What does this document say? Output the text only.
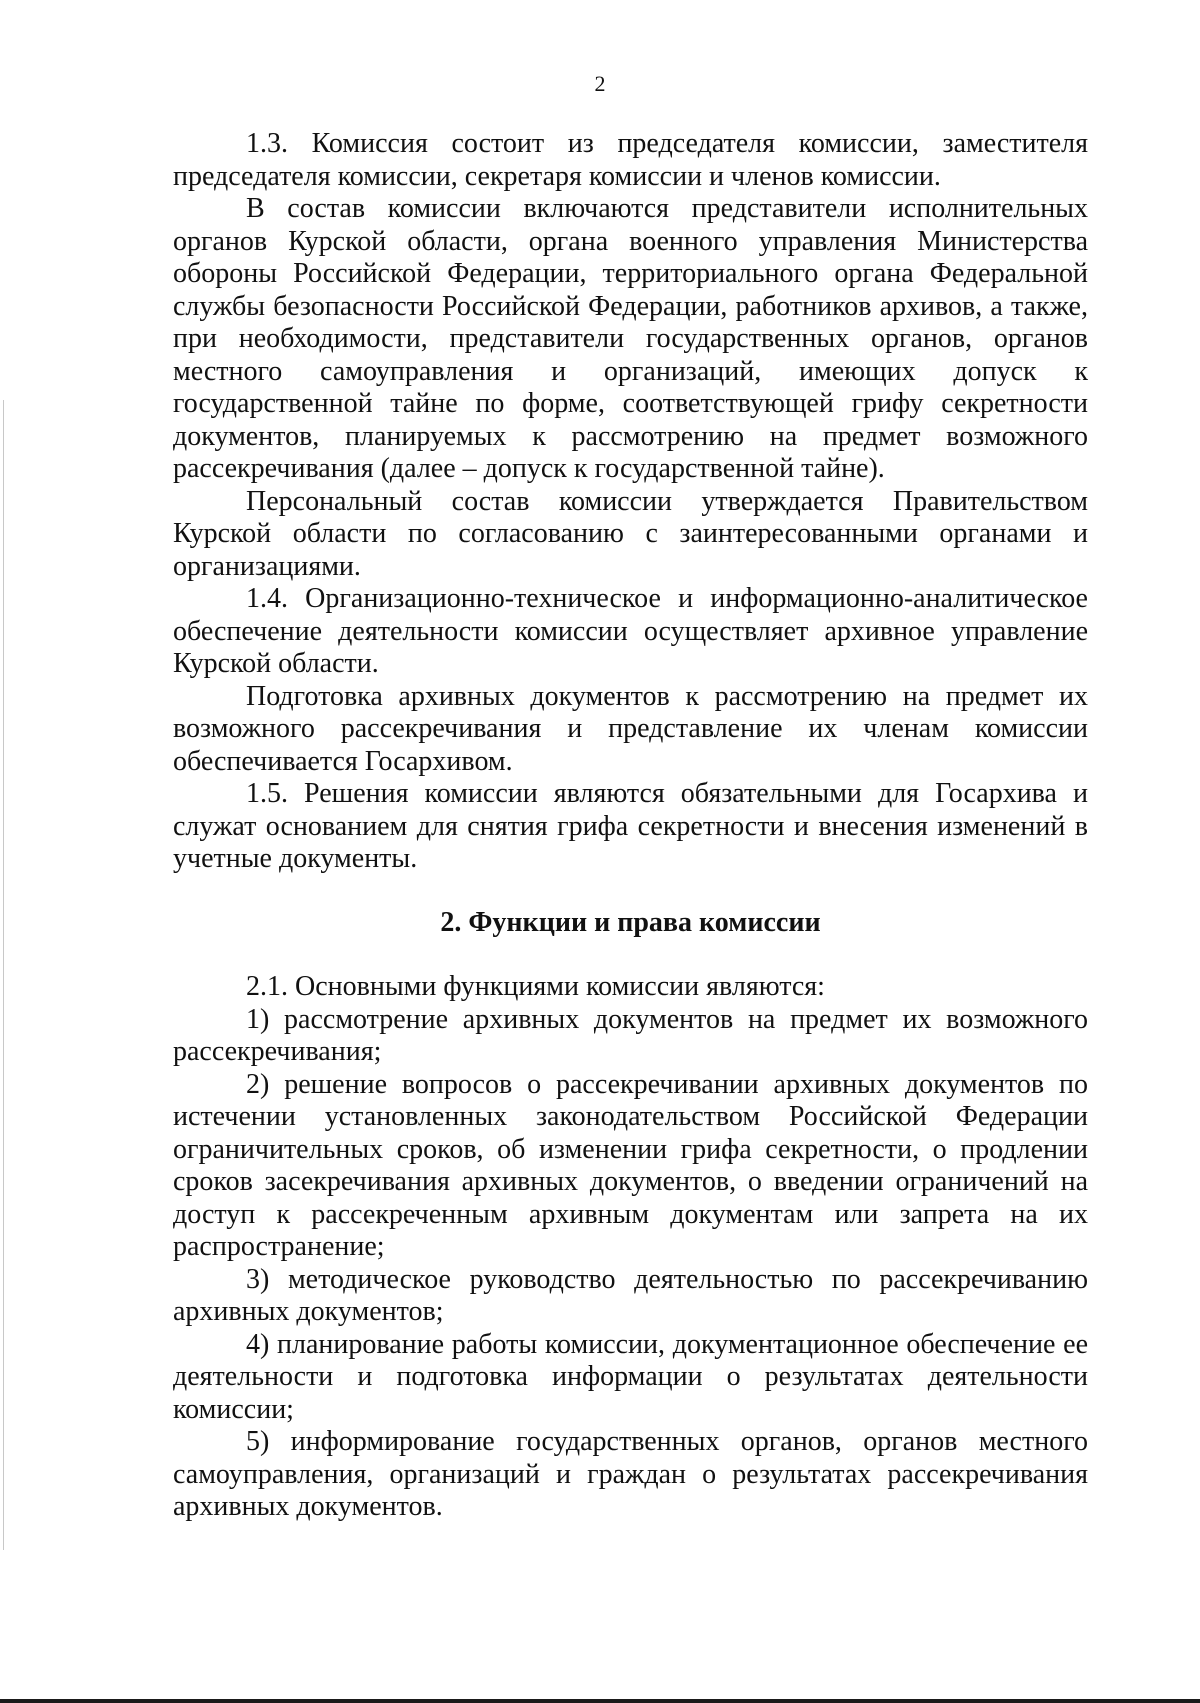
2

1.3. Комиссия состоит из председателя комиссии, заместителя председателя комиссии, секретаря комиссии и членов комиссии.

В состав комиссии включаются представители исполнительных органов Курской области, органа военного управления Министерства обороны Российской Федерации, территориального органа Федеральной службы безопасности Российской Федерации, работников архивов, а также, при необходимости, представители государственных органов, органов местного самоуправления и организаций, имеющих допуск к государственной тайне по форме, соответствующей грифу секретности документов, планируемых к рассмотрению на предмет возможного рассекречивания (далее – допуск к государственной тайне).

Персональный состав комиссии утверждается Правительством Курской области по согласованию с заинтересованными органами и организациями.

1.4. Организационно-техническое и информационно-аналитическое обеспечение деятельности комиссии осуществляет архивное управление Курской области.

Подготовка архивных документов к рассмотрению на предмет их возможного рассекречивания и представление их членам комиссии обеспечивается Госархивом.

1.5. Решения комиссии являются обязательными для Госархива и служат основанием для снятия грифа секретности и внесения изменений в учетные документы.

2. Функции и права комиссии

2.1. Основными функциями комиссии являются:

1) рассмотрение архивных документов на предмет их возможного рассекречивания;

2) решение вопросов о рассекречивании архивных документов по истечении установленных законодательством Российской Федерации ограничительных сроков, об изменении грифа секретности, о продлении сроков засекречивания архивных документов, о введении ограничений на доступ к рассекреченным архивным документам или запрета на их распространение;

3) методическое руководство деятельностью по рассекречиванию архивных документов;

4) планирование работы комиссии, документационное обеспечение ее деятельности и подготовка информации о результатах деятельности комиссии;

5) информирование государственных органов, органов местного самоуправления, организаций и граждан о результатах рассекречивания архивных документов.
